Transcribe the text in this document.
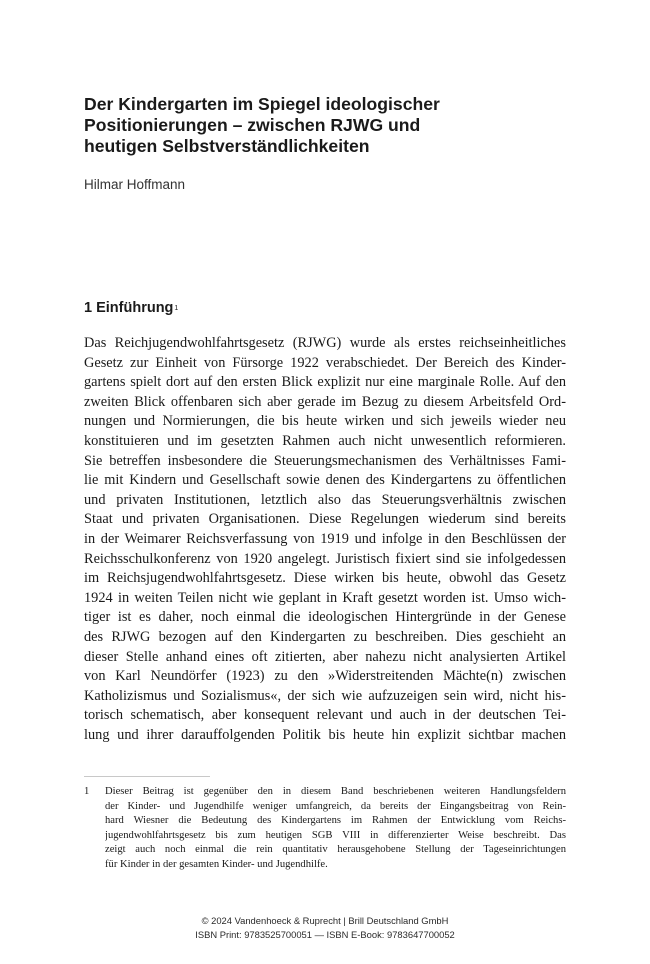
Der Kindergarten im Spiegel ideologischer
Positionierungen – zwischen RJWG und
heutigen Selbstverständlichkeiten

Hilmar Hoffmann

1 Einführung$^1$
Das Reichjugendwohlfahrtsgesetz (RJWG) wurde als erstes reichseinheitliches
Gesetz zur Einheit von Fürsorge 1922 verabschiedet. Der Bereich des Kinder-
gartens spielt dort auf den ersten Blick explizit nur eine marginale Rolle. Auf den
zweiten Blick offenbaren sich aber gerade im Bezug zu diesem Arbeitsfeld Ord-
nungen und Normierungen, die bis heute wirken und sich jeweils wieder neu
konstituieren und im gesetzten Rahmen auch nicht unwesentlich reformieren.
Sie betreffen insbesondere die Steuerungsmechanismen des Verhältnisses Fami-
lie mit Kindern und Gesellschaft sowie denen des Kindergartens zu öffentlichen
und privaten Institutionen, letztlich also das Steuerungsverhältnis zwischen
Staat und privaten Organisationen. Diese Regelungen wiederum sind bereits
in der Weimarer Reichsverfassung von 1919 und infolge in den Beschlüssen der
Reichsschulkonferenz von 1920 angelegt. Juristisch fixiert sind sie infolgedessen
im Reichsjugendwohlfahrtsgesetz. Diese wirken bis heute, obwohl das Gesetz
1924 in weiten Teilen nicht wie geplant in Kraft gesetzt worden ist. Umso wich-
tiger ist es daher, noch einmal die ideologischen Hintergründe in der Genese
des RJWG bezogen auf den Kindergarten zu beschreiben. Dies geschieht an
dieser Stelle anhand eines oft zitierten, aber nahezu nicht analysierten Artikel
von Karl Neundörfer (1923) zu den »Widerstreitenden Mächte(n) zwischen
Katholizismus und Sozialismus«, der sich wie aufzuzeigen sein wird, nicht his-
torisch schematisch, aber konsequent relevant und auch in der deutschen Tei-
lung und ihrer darauffolgenden Politik bis heute hin explizit sichtbar machen
1 Dieser Beitrag ist gegenüber den in diesem Band beschriebenen weiteren Handlungsfeldern
der Kinder- und Jugendhilfe weniger umfangreich, da bereits der Eingangsbeitrag von Rein-
hard Wiesner die Bedeutung des Kindergartens im Rahmen der Entwicklung vom Reichs-
jugendwohlfahrtsgesetz bis zum heutigen SGB VIII in differenzierter Weise beschreibt. Das
zeigt auch noch einmal die rein quantitativ herausgehobene Stellung der Tageseinrichtungen
für Kinder in der gesamten Kinder- und Jugendhilfe.
© 2024 Vandenhoeck & Ruprecht | Brill Deutschland GmbH
ISBN Print: 9783525700051 — ISBN E-Book: 9783647700052
